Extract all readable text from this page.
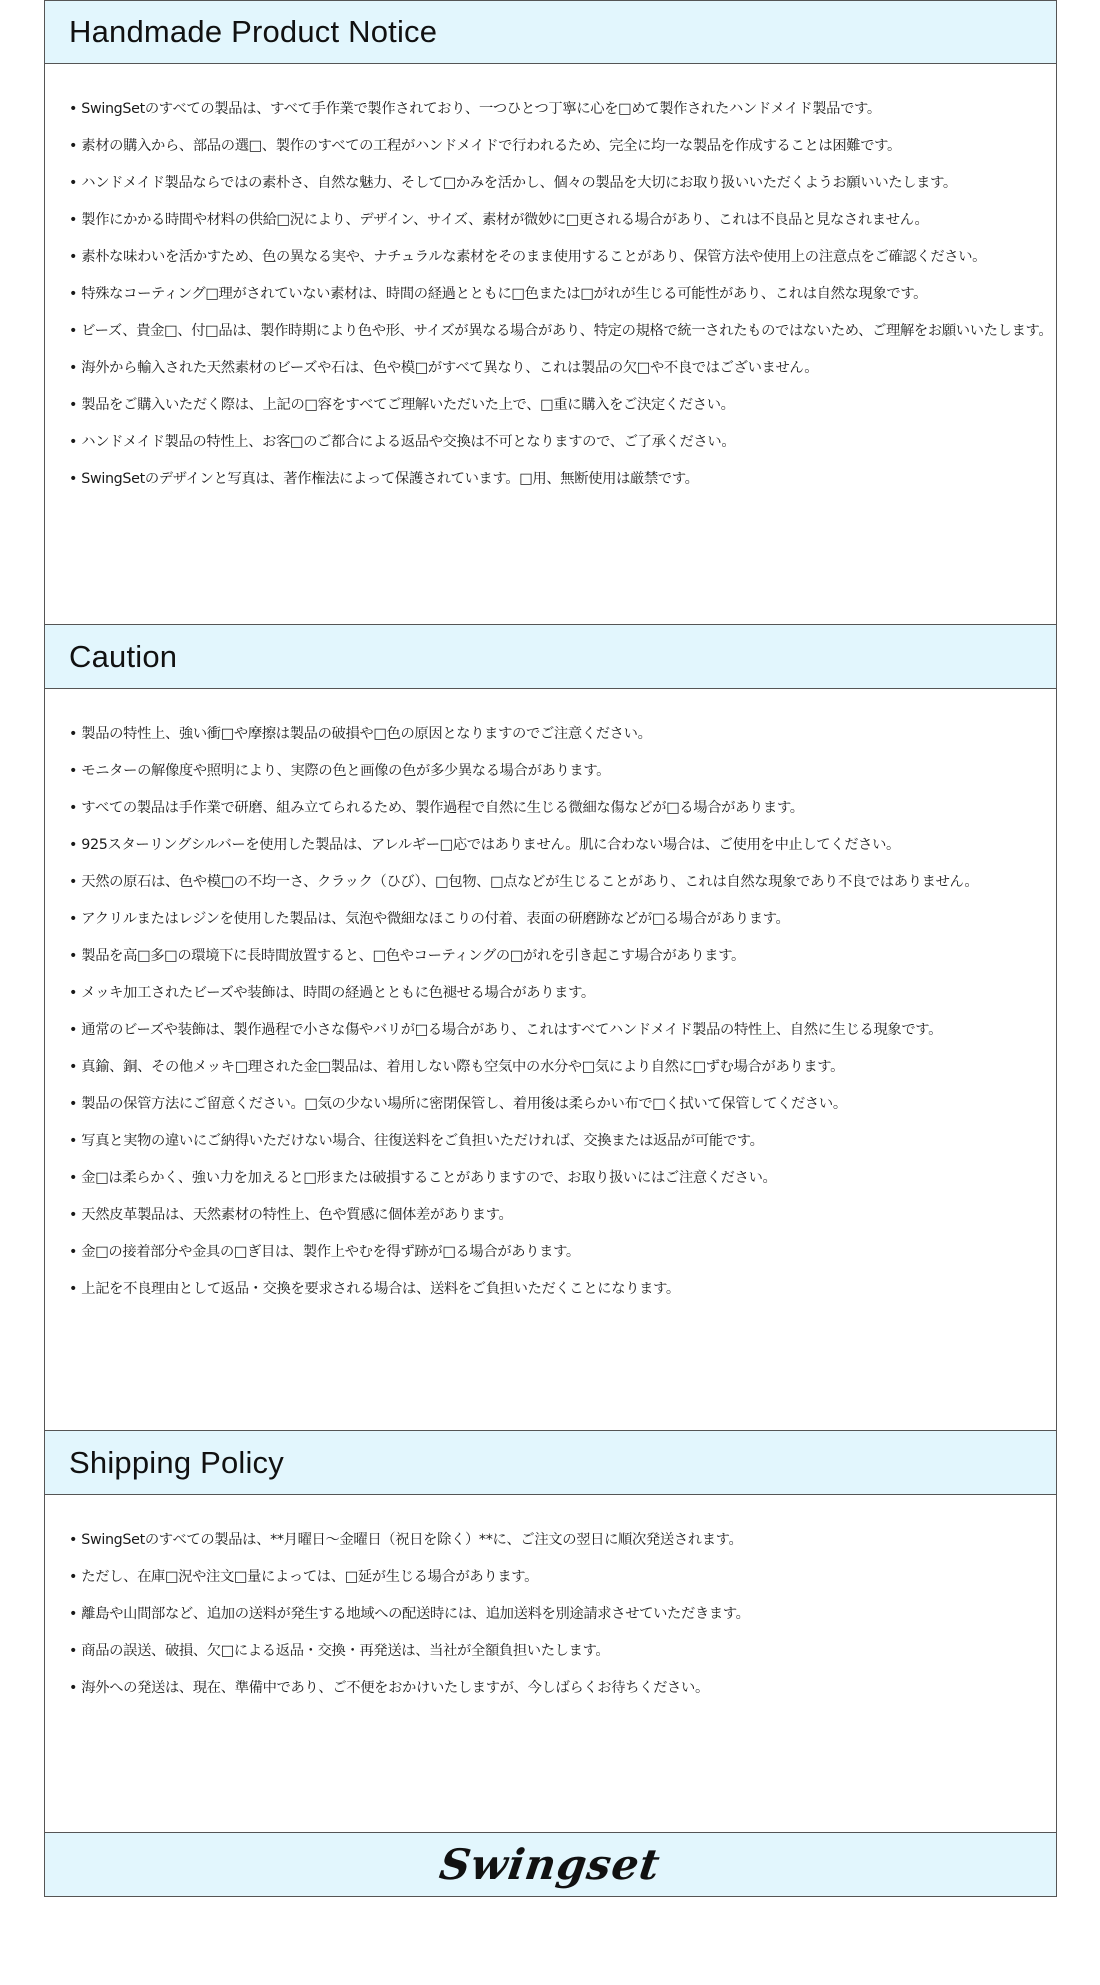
Handmade Product Notice
• SwingSetのすべての製品は、すべて手作業で製作されており、一つひとつ丁寧に心を□めて製作されたハンドメイド製品です。
• 素材の購入から、部品の選□、製作のすべての工程がハンドメイドで行われるため、完全に均一な製品を作成することは困難です。
• ハンドメイド製品ならではの素朴さ、自然な魅力、そして□かみを活かし、個々の製品を大切にお取り扱いいただくようお願いいたします。
• 製作にかかる時間や材料の供給□況により、デザイン、サイズ、素材が微妙に□更される場合があり、これは不良品と見なされません。
• 素朴な味わいを活かすため、色の異なる実や、ナチュラルな素材をそのまま使用することがあり、保管方法や使用上の注意点をご確認ください。
• 特殊なコーティング□理がされていない素材は、時間の経過とともに□色または□がれが生じる可能性があり、これは自然な現象です。
• ビーズ、貴金□、付□品は、製作時期により色や形、サイズが異なる場合があり、特定の規格で統一されたものではないため、ご理解をお願いいたします。
• 海外から輸入された天然素材のビーズや石は、色や模□がすべて異なり、これは製品の欠□や不良ではございません。
• 製品をご購入いただく際は、上記の□容をすべてご理解いただいた上で、□重に購入をご決定ください。
• ハンドメイド製品の特性上、お客□のご都合による返品や交換は不可となりますので、ご了承ください。
• SwingSetのデザインと写真は、著作権法によって保護されています。□用、無断使用は厳禁です。
Caution
• 製品の特性上、強い衝□や摩擦は製品の破損や□色の原因となりますのでご注意ください。
• モニターの解像度や照明により、実際の色と画像の色が多少異なる場合があります。
• すべての製品は手作業で研磨、組み立てられるため、製作過程で自然に生じる微細な傷などが□る場合があります。
• 925スターリングシルバーを使用した製品は、アレルギー□応ではありません。肌に合わない場合は、ご使用を中止してください。
• 天然の原石は、色や模□の不均一さ、クラック（ひび）、□包物、□点などが生じることがあり、これは自然な現象であり不良ではありません。
• アクリルまたはレジンを使用した製品は、気泡や微細なほこりの付着、表面の研磨跡などが□る場合があります。
• 製品を高□多□の環境下に長時間放置すると、□色やコーティングの□がれを引き起こす場合があります。
• メッキ加工されたビーズや装飾は、時間の経過とともに色褪せる場合があります。
• 通常のビーズや装飾は、製作過程で小さな傷やバリが□る場合があり、これはすべてハンドメイド製品の特性上、自然に生じる現象です。
• 真鍮、銅、その他メッキ□理された金□製品は、着用しない際も空気中の水分や□気により自然に□ずむ場合があります。
• 製品の保管方法にご留意ください。□気の少ない場所に密閉保管し、着用後は柔らかい布で□く拭いて保管してください。
• 写真と実物の違いにご納得いただけない場合、往復送料をご負担いただければ、交換または返品が可能です。
• 金□は柔らかく、強い力を加えると□形または破損することがありますので、お取り扱いにはご注意ください。
• 天然皮革製品は、天然素材の特性上、色や質感に個体差があります。
• 金□の接着部分や金具の□ぎ目は、製作上やむを得ず跡が□る場合があります。
• 上記を不良理由として返品・交換を要求される場合は、送料をご負担いただくことになります。
Shipping Policy
• SwingSetのすべての製品は、**月曜日～金曜日（祝日を除く）**に、ご注文の翌日に順次発送されます。
• ただし、在庫□況や注文□量によっては、□延が生じる場合があります。
• 離島や山間部など、追加の送料が発生する地域への配送時には、追加送料を別途請求させていただきます。
• 商品の誤送、破損、欠□による返品・交換・再発送は、当社が全額負担いたします。
• 海外への発送は、現在、準備中であり、ご不便をおかけいたしますが、今しばらくお待ちください。
Swingset
